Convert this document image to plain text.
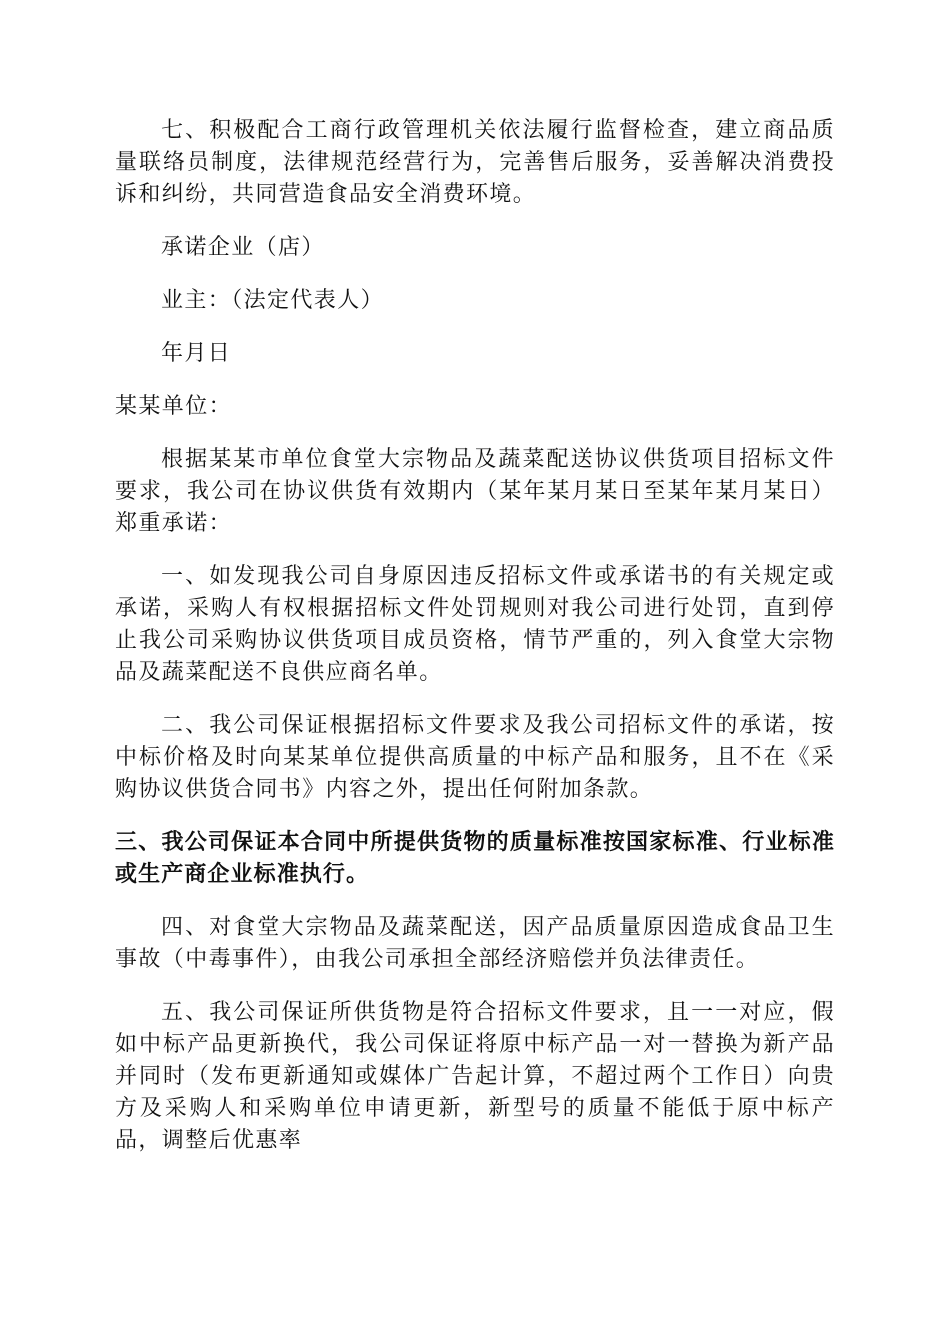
七、积极配合工商行政管理机关依法履行监督检查，建立商品质量联络员制度，法律规范经营行为，完善售后服务，妥善解决消费投诉和纠纷，共同营造食品安全消费环境。

承诺企业（店）

业主：（法定代表人）

年月日

某某单位：

根据某某市单位食堂大宗物品及蔬菜配送协议供货项目招标文件要求，我公司在协议供货有效期内（某年某月某日至某年某月某日）郑重承诺：

一、如发现我公司自身原因违反招标文件或承诺书的有关规定或承诺，采购人有权根据招标文件处罚规则对我公司进行处罚，直到停止我公司采购协议供货项目成员资格，情节严重的，列入食堂大宗物品及蔬菜配送不良供应商名单。

二、我公司保证根据招标文件要求及我公司招标文件的承诺，按中标价格及时向某某单位提供高质量的中标产品和服务，且不在《采购协议供货合同书》内容之外，提出任何附加条款。

三、我公司保证本合同中所提供货物的质量标准按国家标准、行业标准或生产商企业标准执行。

四、对食堂大宗物品及蔬菜配送，因产品质量原因造成食品卫生事故（中毒事件），由我公司承担全部经济赔偿并负法律责任。

五、我公司保证所供货物是符合招标文件要求，且一一对应，假如中标产品更新换代，我公司保证将原中标产品一对一替换为新产品并同时（发布更新通知或媒体广告起计算，不超过两个工作日）向贵方及采购人和采购单位申请更新，新型号的质量不能低于原中标产品，调整后优惠率
